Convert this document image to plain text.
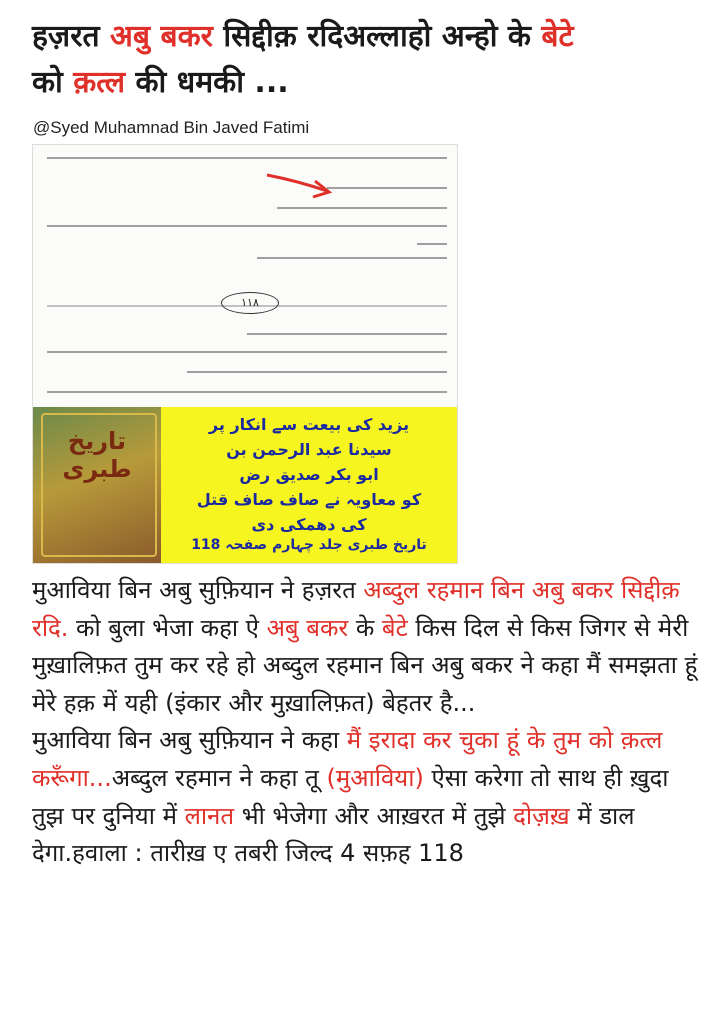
हज़रत अबु बकर सिद्दीक़ रदिअल्लाहो अन्हो के बेटे
को क़त्ल की धमकी ...
@Syed Muhamnad Bin Javed Fatimi
۱۱۸
تاریخ طبری
یزید کی بیعت سے انکار پر
سیدنا عبد الرحمن بن
ابو بکر صدیق رض
کو معاویہ نے صاف صاف قتل
کی دھمکی دی
تاریخ طبری جلد چہارم صفحہ 118
मुआविया बिन अबु सुफ़ियान ने हज़रत अब्दुल रहमान बिन अबु बकर सिद्दीक़ रदि. को बुला भेजा कहा ऐ अबु बकर के बेटे किस दिल से किस जिगर से मेरी मुख़ालिफ़त तुम कर रहे हो अब्दुल रहमान बिन अबु बकर ने कहा मैं समझता हूं मेरे हक़ में यही (इंकार और मुख़ालिफ़त) बेहतर है...
मुआविया बिन अबु सुफ़ियान ने कहा मैं इरादा कर चुका हूं के तुम को क़त्ल करूँगा...अब्दुल रहमान ने कहा तू (मुआविया) ऐसा करेगा तो साथ ही ख़ुदा तुझ पर दुनिया में लानत भी भेजेगा और आख़रत में तुझे दोज़ख़ में डाल देगा.हवाला : तारीख़ ए तबरी जिल्द 4 सफ़ह 118
